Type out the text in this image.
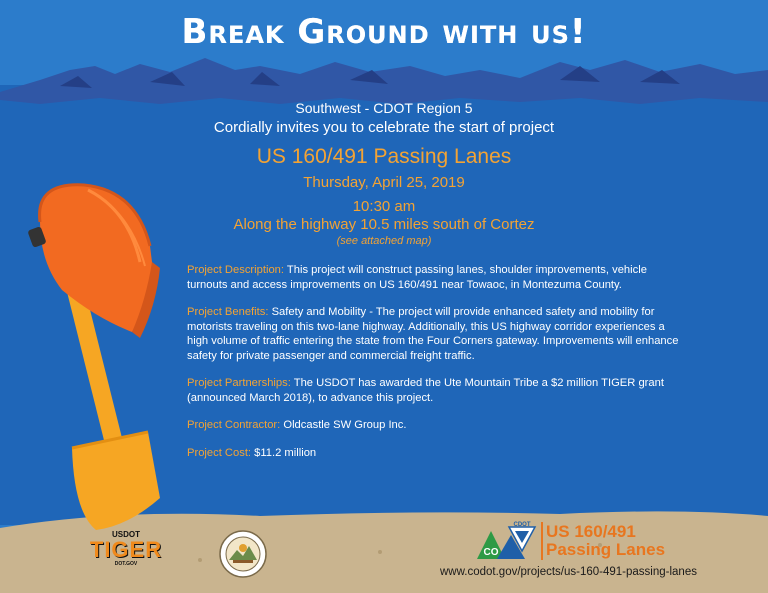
Break Ground with us!
Southwest - CDOT Region 5
Cordially invites you to celebrate the start of project
US 160/491 Passing Lanes
Thursday, April 25, 2019
10:30 am
Along the highway 10.5 miles south of Cortez
(see attached map)

Project Description: This project will construct passing lanes, shoulder improvements, vehicle turnouts and access improvements on US 160/491 near Towaoc, in Montezuma County.

Project Benefits: Safety and Mobility - The project will provide enhanced safety and mobility for motorists traveling on this two-lane highway. Additionally, this US highway corridor experiences a high volume of traffic entering the state from the Four Corners gateway. Improvements will enhance safety for private passenger and commercial freight traffic.

Project Partnerships: The USDOT has awarded the Ute Mountain Tribe a $2 million TIGER grant (announced March 2018), to advance this project.

Project Contractor: Oldcastle SW Group Inc.

Project Cost: $11.2 million

USDOT
TIGER
DOT.GOV
CO
CDOT US 160/491
Passing Lanes
www.codot.gov/projects/us-160-491-passing-lanes
